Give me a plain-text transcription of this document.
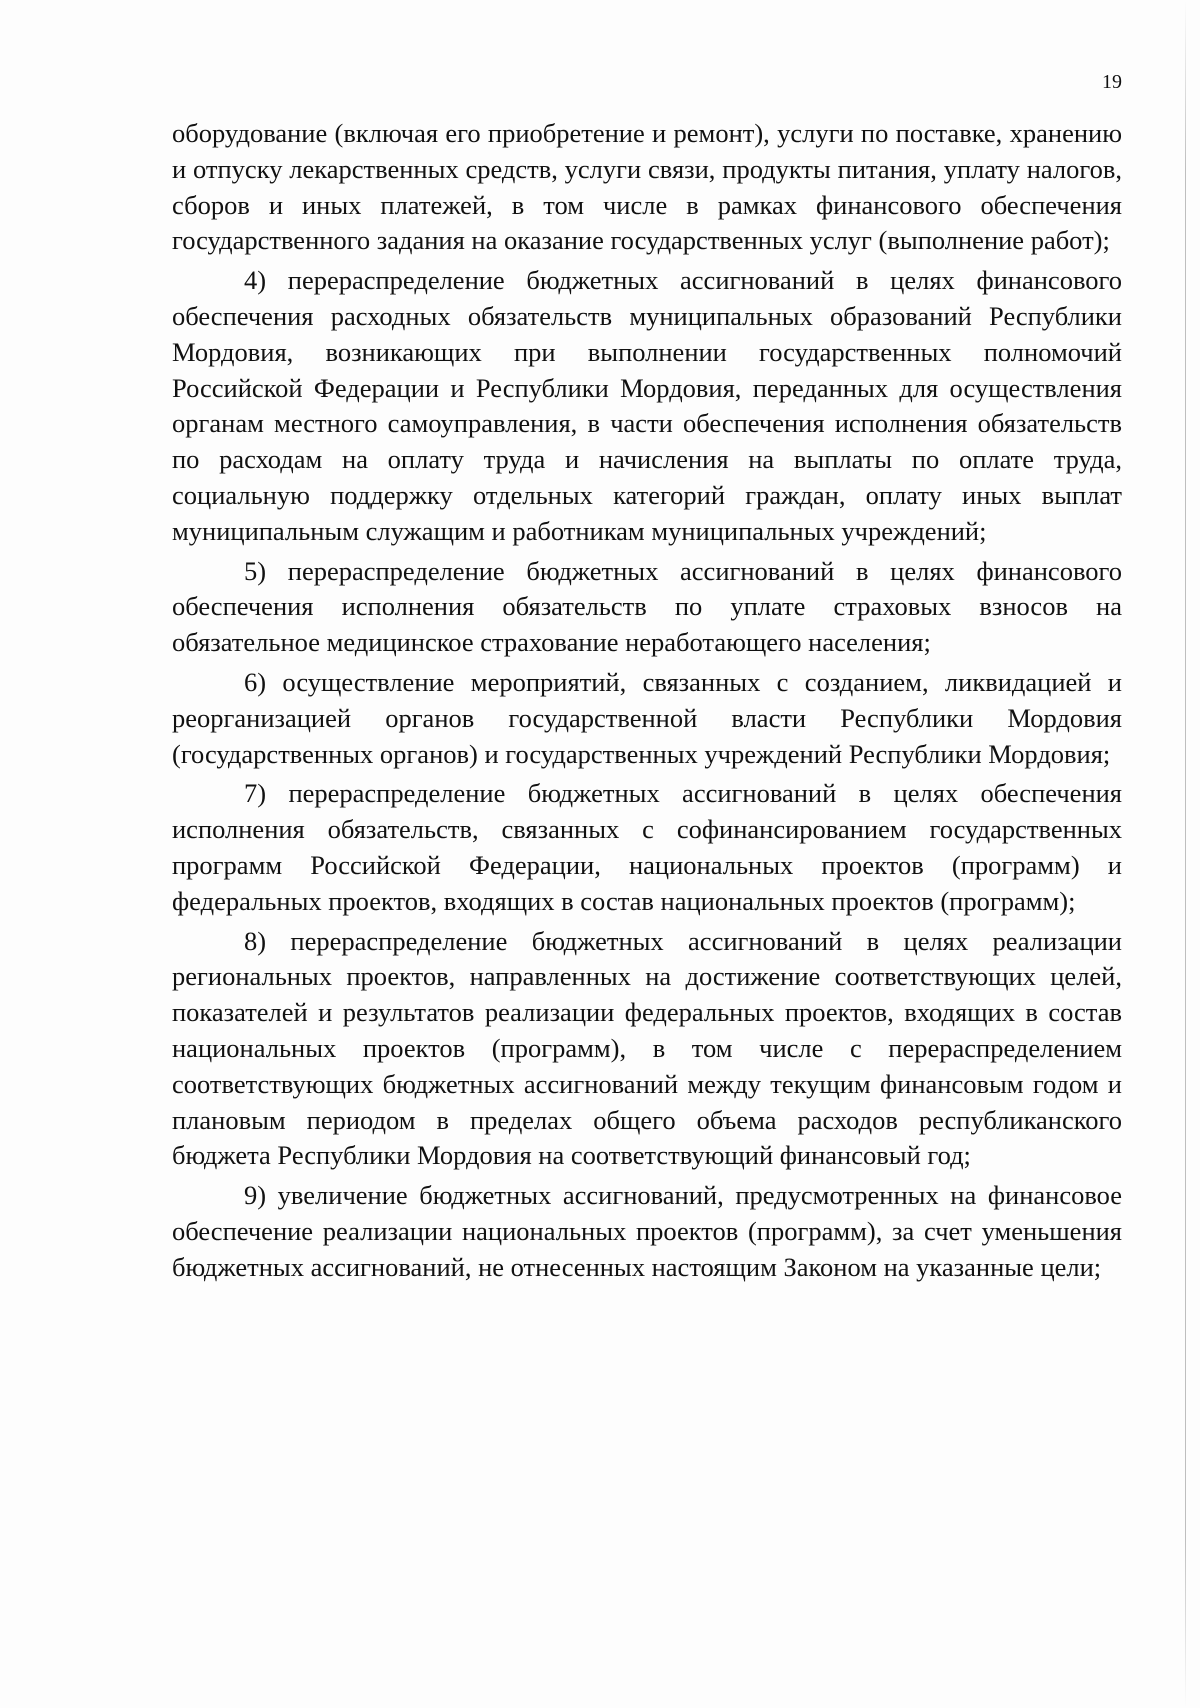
19

оборудование (включая его приобретение и ремонт), услуги по поставке, хранению и отпуску лекарственных средств, услуги связи, продукты питания, уплату налогов, сборов и иных платежей, в том числе в рамках финансового обеспечения государственного задания на оказание государственных услуг (выполнение работ);

4) перераспределение бюджетных ассигнований в целях финансового обеспечения расходных обязательств муниципальных образований Республики Мордовия, возникающих при выполнении государственных полномочий Российской Федерации и Республики Мордовия, переданных для осуществления органам местного самоуправления, в части обеспечения исполнения обязательств по расходам на оплату труда и начисления на выплаты по оплате труда, социальную поддержку отдельных категорий граждан, оплату иных выплат муниципальным служащим и работникам муниципальных учреждений;

5) перераспределение бюджетных ассигнований в целях финансового обеспечения исполнения обязательств по уплате страховых взносов на обязательное медицинское страхование неработающего населения;

6) осуществление мероприятий, связанных с созданием, ликвидацией и реорганизацией органов государственной власти Республики Мордовия (государственных органов) и государственных учреждений Республики Мордовия;

7) перераспределение бюджетных ассигнований в целях обеспечения исполнения обязательств, связанных с софинансированием государственных программ Российской Федерации, национальных проектов (программ) и федеральных проектов, входящих в состав национальных проектов (программ);

8) перераспределение бюджетных ассигнований в целях реализации региональных проектов, направленных на достижение соответствующих целей, показателей и результатов реализации федеральных проектов, входящих в состав национальных проектов (программ), в том числе с перераспределением соответствующих бюджетных ассигнований между текущим финансовым годом и плановым периодом в пределах общего объема расходов республиканского бюджета Республики Мордовия на соответствующий финансовый год;

9) увеличение бюджетных ассигнований, предусмотренных на финансовое обеспечение реализации национальных проектов (программ), за счет уменьшения бюджетных ассигнований, не отнесенных настоящим Законом на указанные цели;
